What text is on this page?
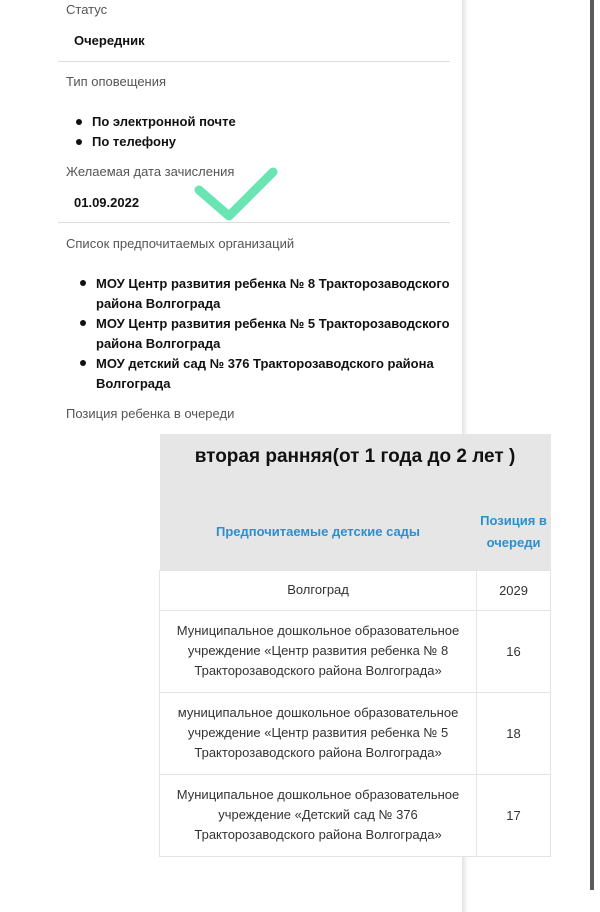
Статус
Очередник
Тип оповещения
По электронной почте
По телефону
Желаемая дата зачисления
01.09.2022
Список предпочитаемых организаций
МОУ Центр развития ребенка № 8 Тракторозаводского района Волгограда
МОУ Центр развития ребенка № 5 Тракторозаводского района Волгограда
МОУ детский сад № 376 Тракторозаводского района Волгограда
Позиция ребенка в очереди
вторая ранняя(от 1 года до 2 лет )	
Предпочитаемые детские сады	Позиция в очереди
Волгоград	2029
Муниципальное дошкольное образовательное учреждение «Центр развития ребенка № 8 Тракторозаводского района Волгограда»	16
муниципальное дошкольное образовательное учреждение «Центр развития ребенка № 5 Тракторозаводского района Волгограда»	18
Муниципальное дошкольное образовательное учреждение «Детский сад № 376 Тракторозаводского района Волгограда»	17
